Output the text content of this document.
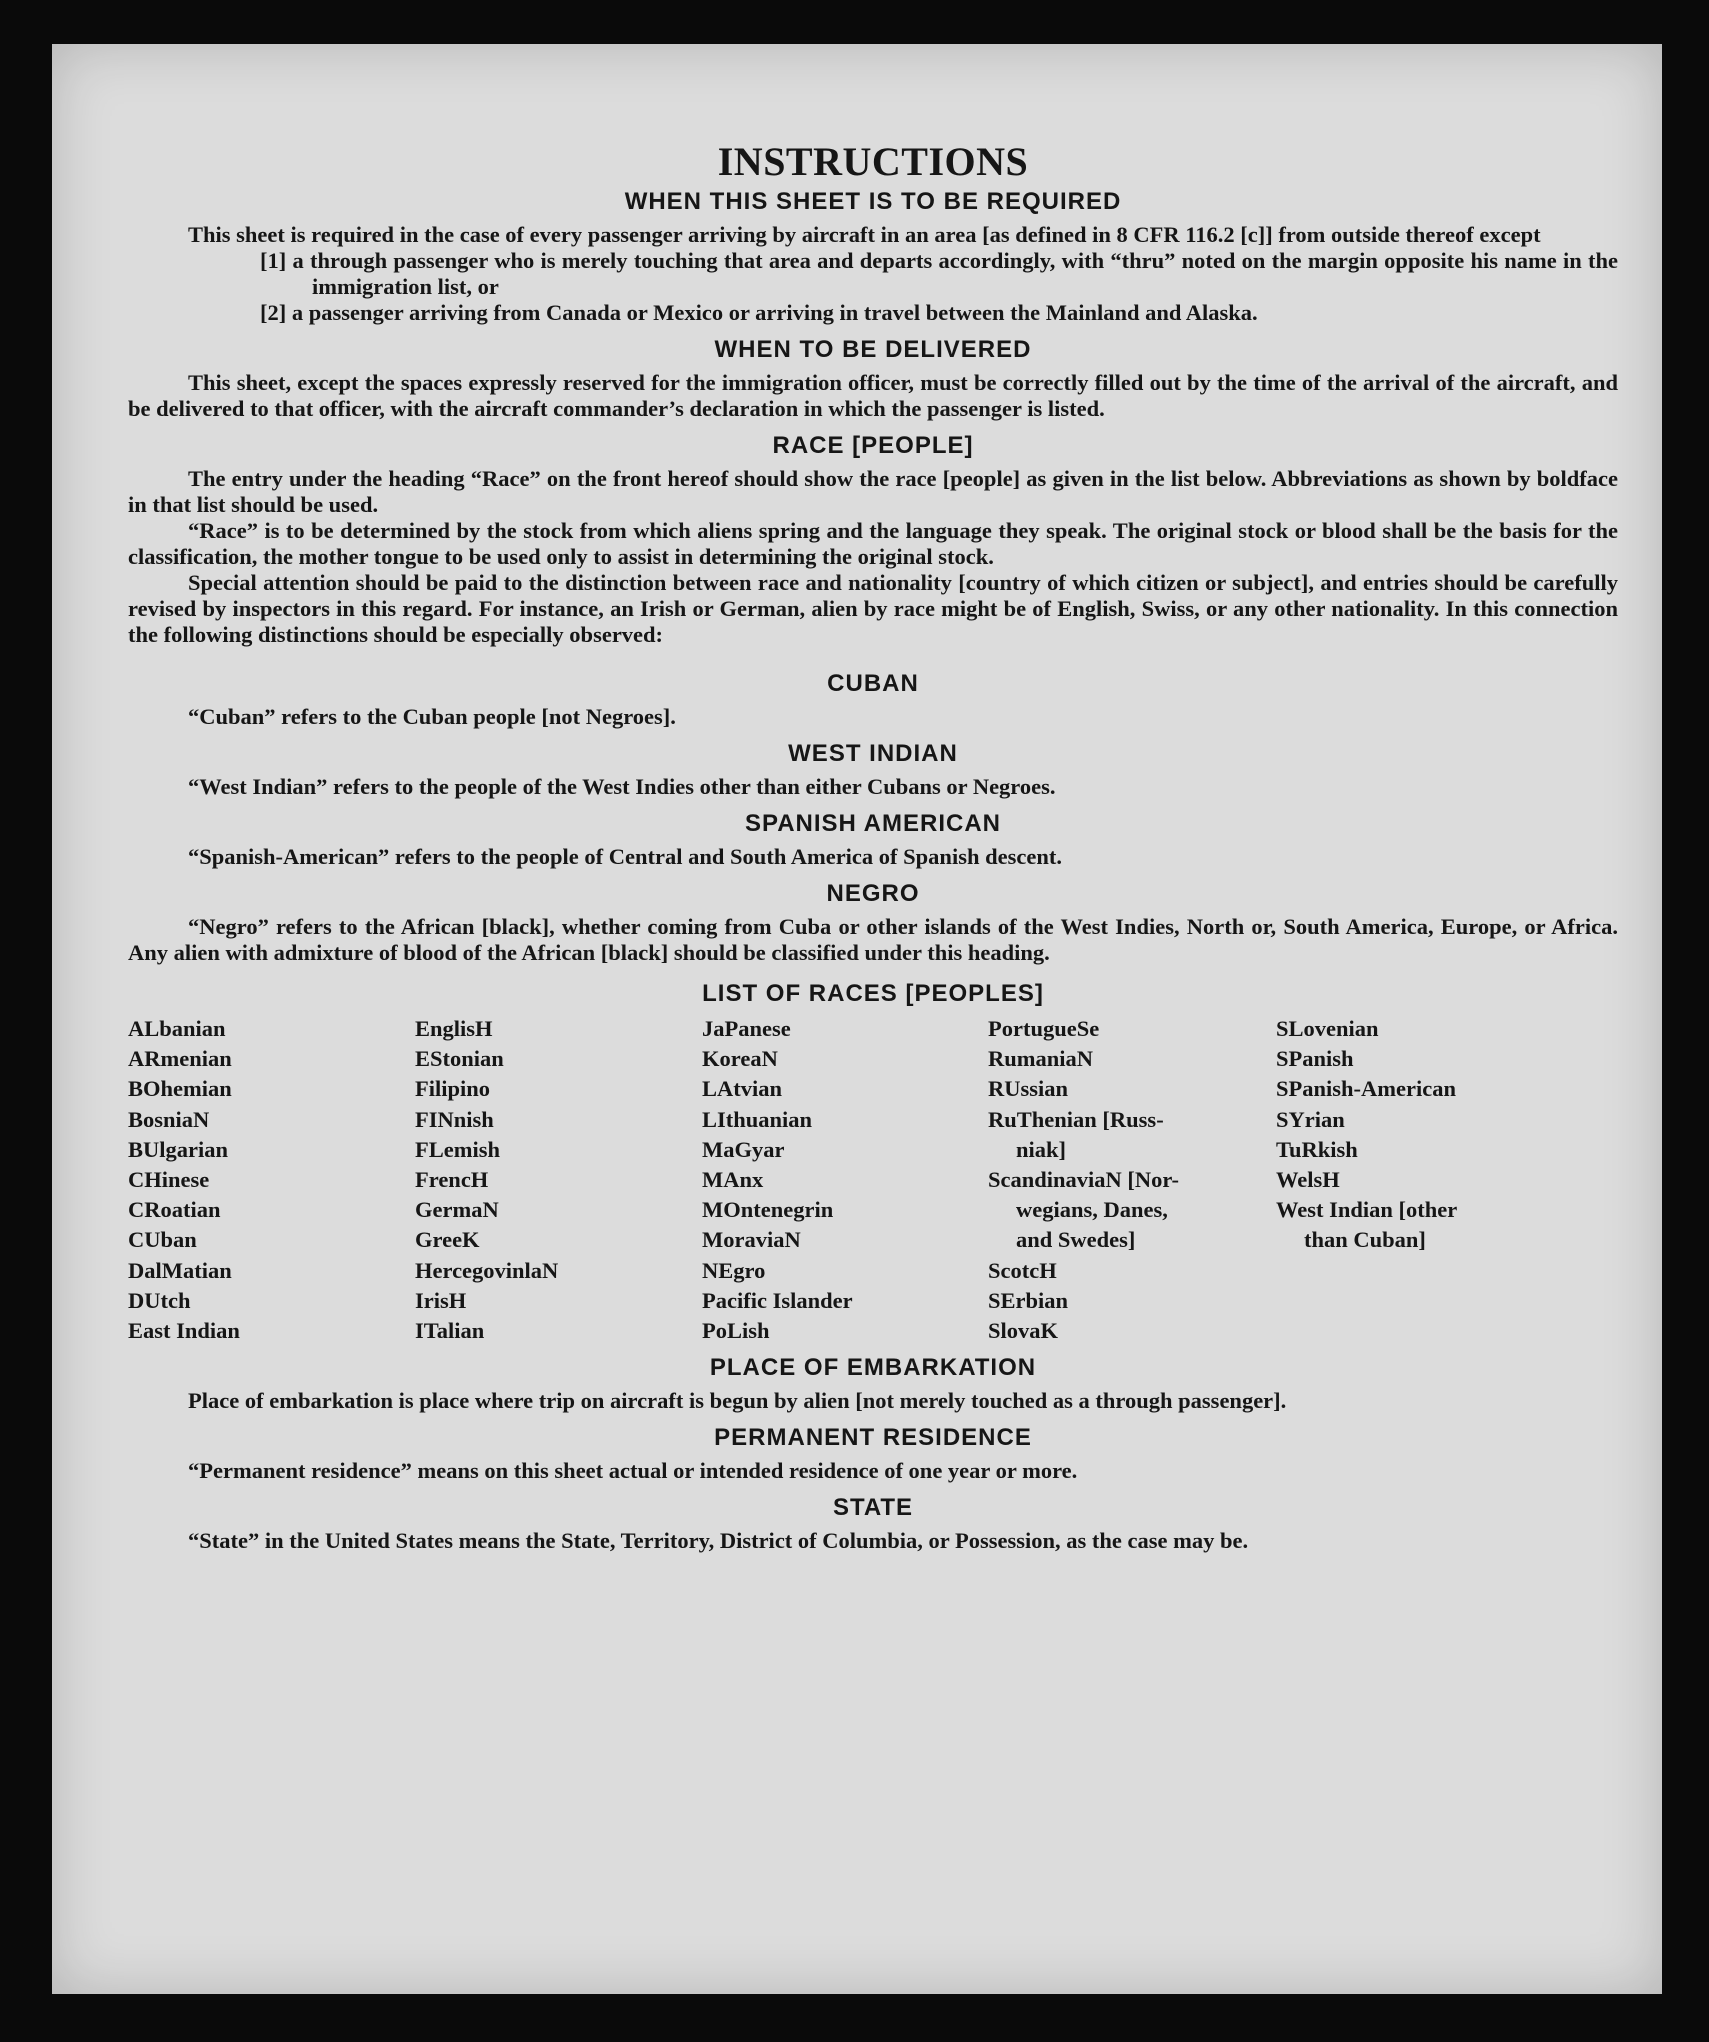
INSTRUCTIONS
WHEN THIS SHEET IS TO BE REQUIRED

This sheet is required in the case of every passenger arriving by aircraft in an area [as defined in 8 CFR 116.2 [c]] from outside thereof except

[1] a through passenger who is merely touching that area and departs accordingly, with “thru” noted on the margin opposite his name in the immigration list, or

[2] a passenger arriving from Canada or Mexico or arriving in travel between the Mainland and Alaska.

WHEN TO BE DELIVERED

This sheet, except the spaces expressly reserved for the immigration officer, must be correctly filled out by the time of the arrival of the aircraft, and be delivered to that officer, with the aircraft commander’s declaration in which the passenger is listed.

RACE [PEOPLE]

The entry under the heading “Race” on the front hereof should show the race [people] as given in the list below. Abbreviations as shown by boldface in that list should be used.

“Race” is to be determined by the stock from which aliens spring and the language they speak. The original stock or blood shall be the basis for the classification, the mother tongue to be used only to assist in determining the original stock.

Special attention should be paid to the distinction between race and nationality [country of which citizen or subject], and entries should be carefully revised by inspectors in this regard. For instance, an Irish or German, alien by race might be of English, Swiss, or any other nationality. In this connection the following distinctions should be especially observed:

CUBAN

“Cuban” refers to the Cuban people [not Negroes].

WEST INDIAN

“West Indian” refers to the people of the West Indies other than either Cubans or Negroes.

SPANISH AMERICAN

“Spanish-American” refers to the people of Central and South America of Spanish descent.

NEGRO

“Negro” refers to the African [black], whether coming from Cuba or other islands of the West Indies, North or, South America, Europe, or Africa. Any alien with admixture of blood of the African [black] should be classified under this heading.

LIST OF RACES [PEOPLES]
ALbanian
ARmenian
BOhemian
BosniaN
BUlgarian
CHinese
CRoatian
CUban
DalMatian
DUtch
East Indian
EnglisH
EStonian
Filipino
FINnish
FLemish
FrencH
GermaN
GreeK
HercegovinlaN
IrisH
ITalian
JaPanese
KoreaN
LAtvian
LIthuanian
MaGyar
MAnx
MOntenegrin
MoraviaN
NEgro
Pacific Islander
PoLish
PortugueSe
RumaniaN
RUssian
RuThenian [Russ-
niak]
ScandinaviaN [Nor-
wegians, Danes,
and Swedes]
ScotcH
SErbian
SlovaK
SLovenian
SPanish
SPanish-American
SYrian
TuRkish
WelsH
West Indian [other
than Cuban]
PLACE OF EMBARKATION

Place of embarkation is place where trip on aircraft is begun by alien [not merely touched as a through passenger].

PERMANENT RESIDENCE

“Permanent residence” means on this sheet actual or intended residence of one year or more.

STATE

“State” in the United States means the State, Territory, District of Columbia, or Possession, as the case may be.
